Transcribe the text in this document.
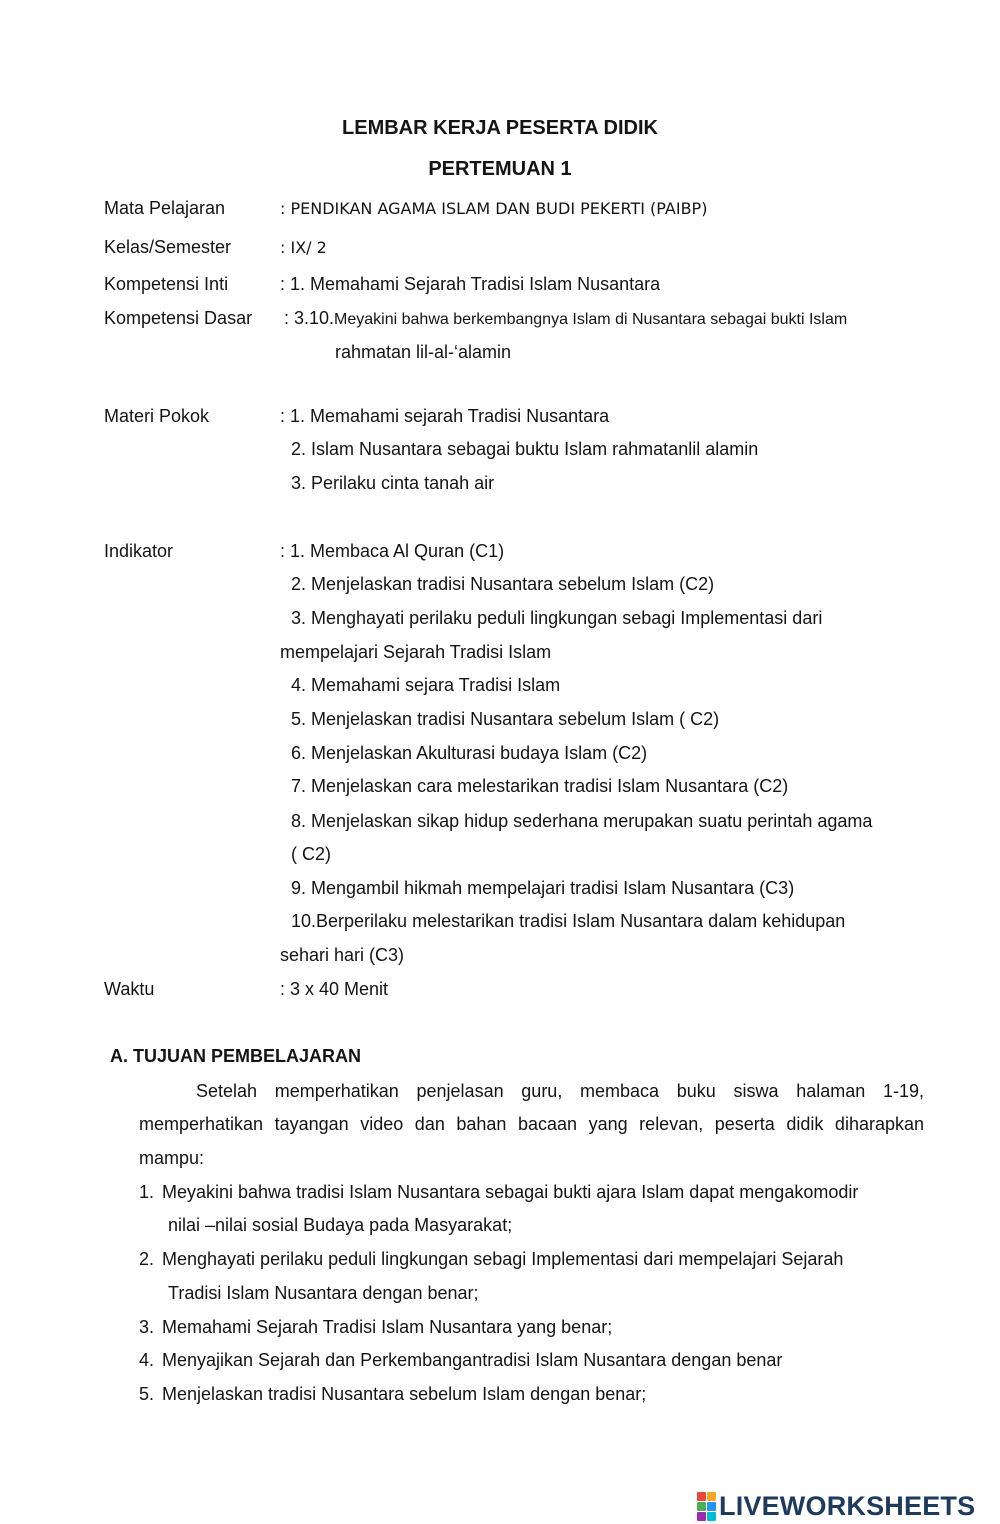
LEMBAR KERJA PESERTA DIDIK
PERTEMUAN 1
Mata Pelajaran	: PENDIKAN AGAMA ISLAM DAN BUDI PEKERTI (PAIBP)
Kelas/Semester	: IX/ 2
Kompetensi Inti	: 1. Memahami Sejarah Tradisi Islam Nusantara
Kompetensi Dasar : 3.10.Meyakini bahwa berkembangnya Islam di Nusantara sebagai bukti Islam
rahmatan lil-al-‘alamin
Materi Pokok	: 1. Memahami sejarah Tradisi Nusantara
2. Islam Nusantara sebagai buktu Islam rahmatanlil alamin
3. Perilaku cinta tanah air
Indikator	: 1. Membaca Al Quran (C1)
2. Menjelaskan tradisi Nusantara sebelum Islam (C2)
3. Menghayati perilaku peduli lingkungan sebagi Implementasi dari
mempelajari Sejarah Tradisi Islam
4. Memahami sejara Tradisi Islam
5. Menjelaskan tradisi Nusantara sebelum Islam ( C2)
6. Menjelaskan Akulturasi budaya Islam (C2)
7. Menjelaskan cara melestarikan tradisi Islam Nusantara (C2)
8. Menjelaskan sikap hidup sederhana merupakan suatu perintah agama
( C2)
9. Mengambil hikmah mempelajari tradisi Islam Nusantara (C3)
10.Berperilaku melestarikan tradisi Islam Nusantara dalam kehidupan
sehari hari (C3)
Waktu	: 3 x 40 Menit
A. TUJUAN PEMBELAJARAN
Setelah memperhatikan penjelasan guru, membaca buku siswa halaman 1-19,
memperhatikan tayangan video dan bahan bacaan yang relevan, peserta didik diharapkan
mampu:
1. Meyakini bahwa tradisi Islam Nusantara sebagai bukti ajara Islam dapat mengakomodir
nilai –nilai sosial Budaya pada Masyarakat;
2. Menghayati perilaku peduli lingkungan sebagi Implementasi dari mempelajari Sejarah
Tradisi Islam Nusantara dengan benar;
3. Memahami Sejarah Tradisi Islam Nusantara yang benar;
4. Menyajikan Sejarah dan Perkembangantradisi Islam Nusantara dengan benar
5. Menjelaskan tradisi Nusantara sebelum Islam dengan benar;
LIVEWORKSHEETS
